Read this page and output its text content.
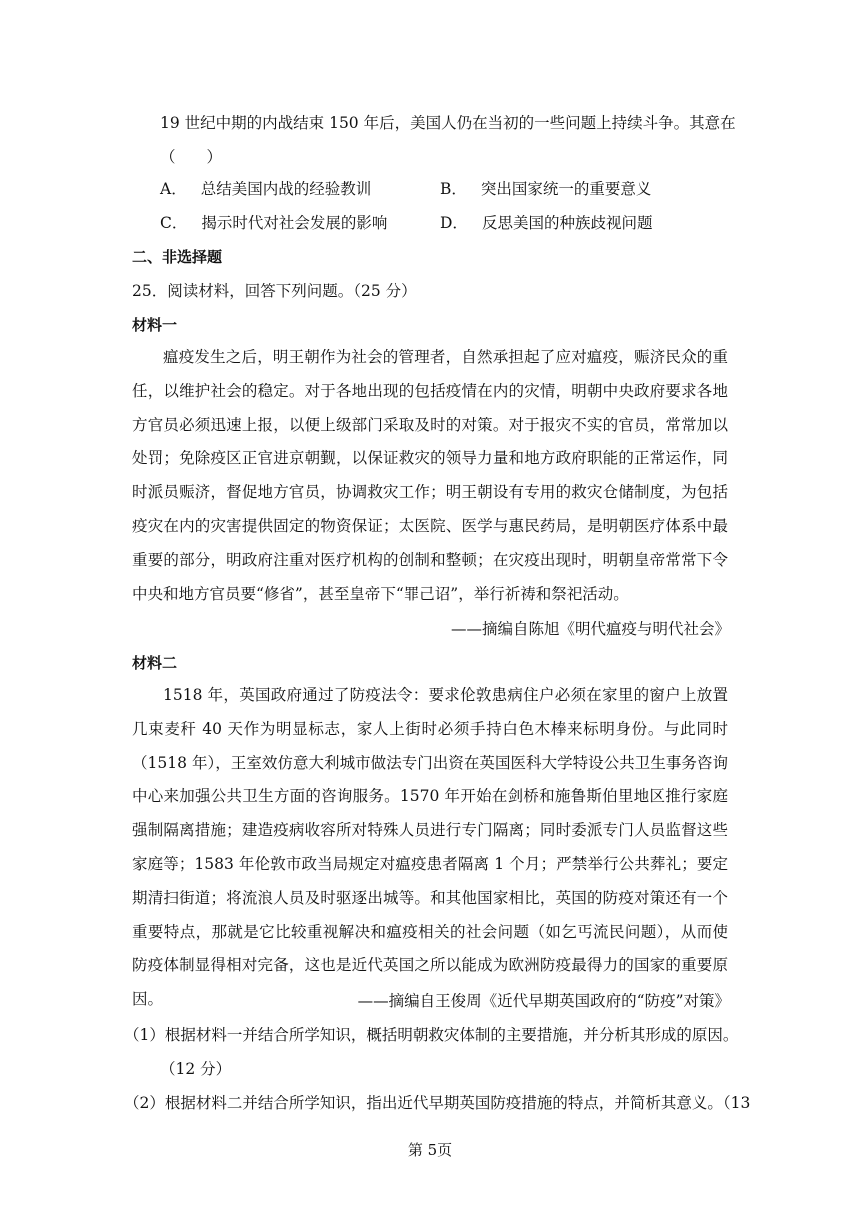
19 世纪中期的内战结束 150 年后，美国人仍在当初的一些问题上持续斗争。其意在
（　　）
A． 总结美国内战的经验教训	B． 突出国家统一的重要意义
C． 揭示时代对社会发展的影响	D． 反思美国的种族歧视问题
二、非选择题
25．阅读材料，回答下列问题。（25 分）
材料一

瘟疫发生之后，明王朝作为社会的管理者，自然承担起了应对瘟疫，赈济民众的重任，以维护社会的稳定。对于各地出现的包括疫情在内的灾情，明朝中央政府要求各地方官员必须迅速上报，以便上级部门采取及时的对策。对于报灾不实的官员，常常加以处罚；免除疫区正官进京朝觐，以保证救灾的领导力量和地方政府职能的正常运作，同时派员赈济，督促地方官员，协调救灾工作；明王朝设有专用的救灾仓储制度，为包括疫灾在内的灾害提供固定的物资保证；太医院、医学与惠民药局，是明朝医疗体系中最重要的部分，明政府注重对医疗机构的创制和整顿；在灾疫出现时，明朝皇帝常常下令中央和地方官员要“修省”，甚至皇帝下“罪己诏”，举行祈祷和祭祀活动。

——摘编自陈旭《明代瘟疫与明代社会》
材料二

1518 年，英国政府通过了防疫法令：要求伦敦患病住户必须在家里的窗户上放置几束麦秆 40 天作为明显标志，家人上街时必须手持白色木棒来标明身份。与此同时（1518 年），王室效仿意大利城市做法专门出资在英国医科大学特设公共卫生事务咨询中心来加强公共卫生方面的咨询服务。1570 年开始在剑桥和施鲁斯伯里地区推行家庭强制隔离措施；建造疫病收容所对特殊人员进行专门隔离；同时委派专门人员监督这些家庭等；1583 年伦敦市政当局规定对瘟疫患者隔离 1 个月；严禁举行公共葬礼；要定期清扫街道；将流浪人员及时驱逐出城等。和其他国家相比，英国的防疫对策还有一个重要特点，那就是它比较重视解决和瘟疫相关的社会问题（如乞丐流民问题），从而使防疫体制显得相对完备，这也是近代英国之所以能成为欧洲防疫最得力的国家的重要原因。	——摘编自王俊周《近代早期英国政府的“防疫”对策》
（1）根据材料一并结合所学知识，概括明朝救灾体制的主要措施，并分析其形成的原因。
（12 分）
（2）根据材料二并结合所学知识，指出近代早期英国防疫措施的特点，并简析其意义。（13
第 5页
